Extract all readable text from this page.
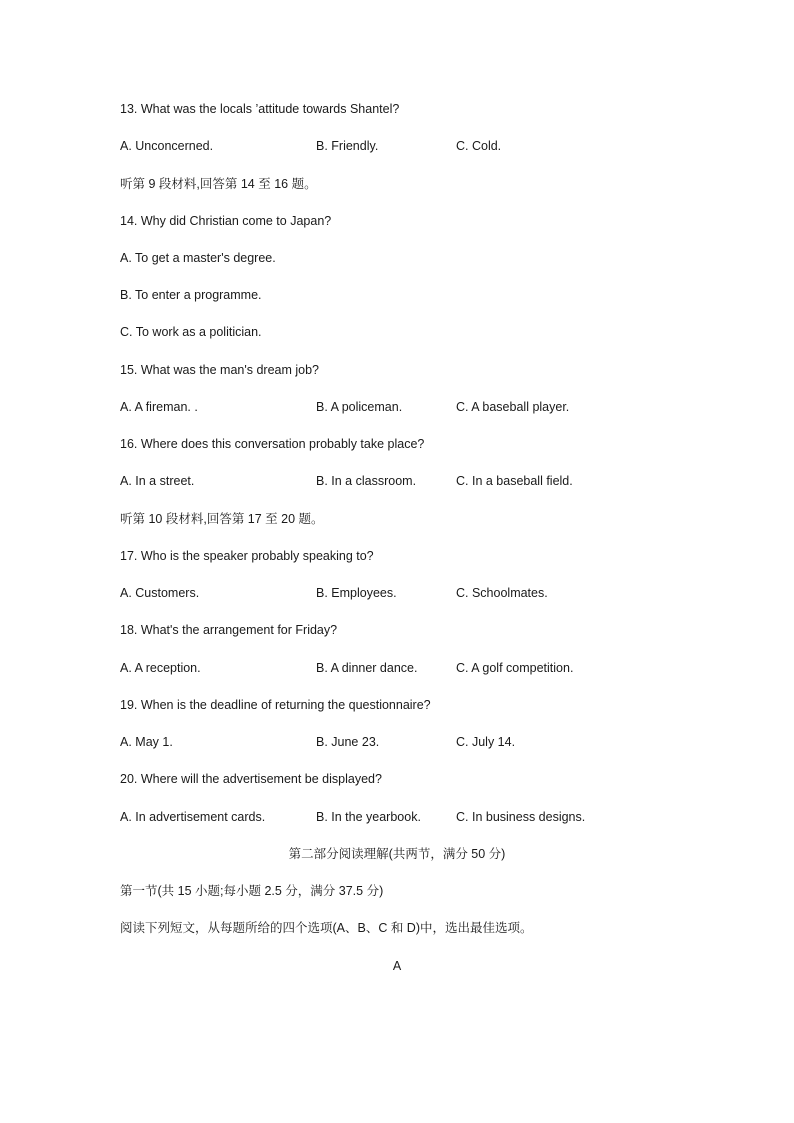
13. What was the locals ’attitude towards Shantel?
A. Unconcerned.	B. Friendly.	C. Cold.
听第 9 段材料,回答第 14 至 16 题。
14. Why did Christian come to Japan?
A. To get a master's degree.
B. To enter a programme.
C. To work as a politician.
15. What was the man's dream job?
A. A fireman. .	B. A policeman.	C. A baseball player.
16. Where does this conversation probably take place?
A. In a street.	B. In a classroom.	C. In a baseball field.
听第 10 段材料,回答第 17 至 20 题。
17. Who is the speaker probably speaking to?
A. Customers.	B. Employees.	C. Schoolmates.
18. What's the arrangement for Friday?
A. A reception.	B. A dinner dance.	C. A golf competition.
19. When is the deadline of returning the questionnaire?
A. May 1.	B. June 23.	C. July 14.
20. Where will the advertisement be displayed?
A. In advertisement cards.	B. In the yearbook.	C. In business designs.
第二部分阅读理解(共两节，满分 50 分)
第一节(共 15 小题;每小题 2.5 分，满分 37.5 分)
阅读下列短文，从每题所给的四个选项(A、B、C 和 D)中，选出最佳选项。
A
